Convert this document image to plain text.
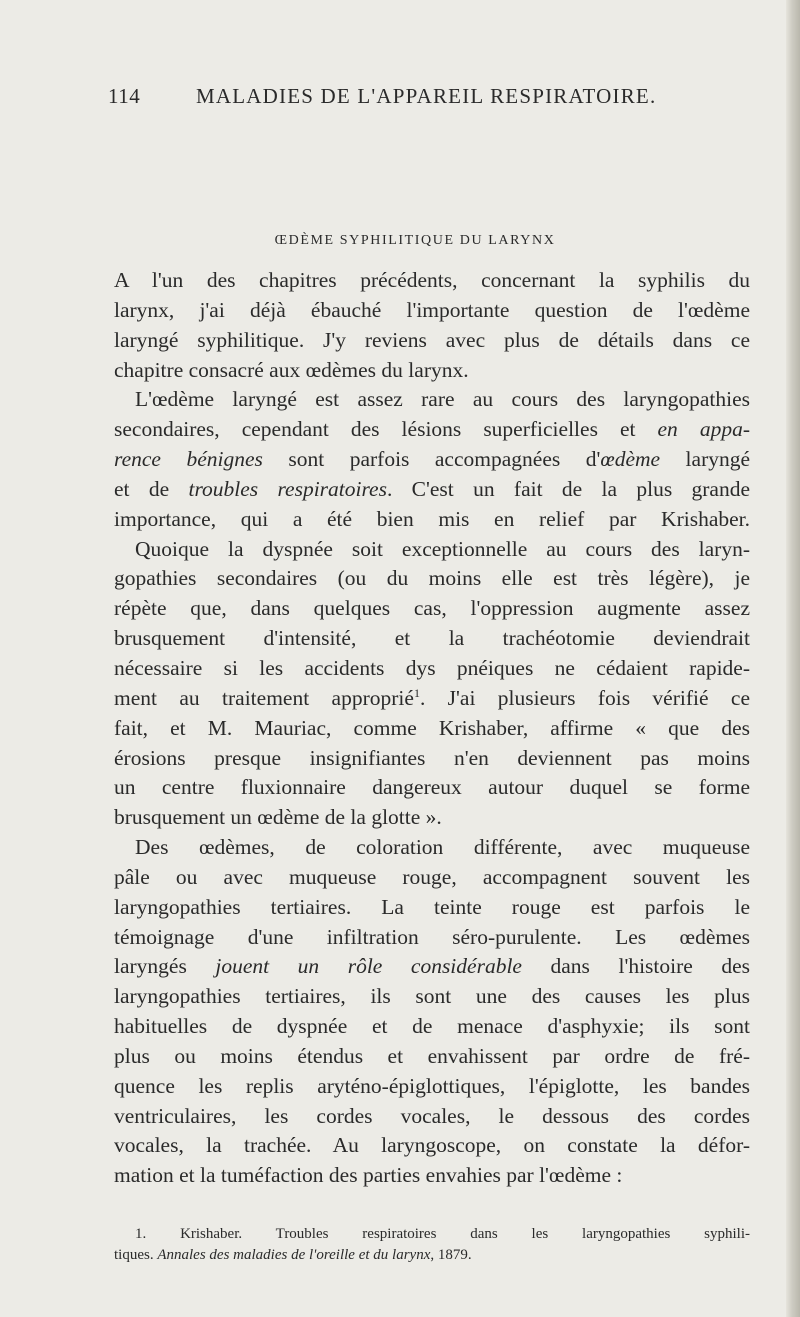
114	MALADIES DE L'APPAREIL RESPIRATOIRE.
ŒDÈME SYPHILITIQUE DU LARYNX
A l'un des chapitres précédents, concernant la syphilis du
larynx, j'ai déjà ébauché l'importante question de l'œdème
laryngé syphilitique. J'y reviens avec plus de détails dans ce
chapitre consacré aux œdèmes du larynx.
L'œdème laryngé est assez rare au cours des laryngopathies
secondaires, cependant des lésions superficielles et en appa-
rence bénignes sont parfois accompagnées d'œdème laryngé
et de troubles respiratoires. C'est un fait de la plus grande
importance, qui a été bien mis en relief par Krishaber.
Quoique la dyspnée soit exceptionnelle au cours des laryn-
gopathies secondaires (ou du moins elle est très légère), je
répète que, dans quelques cas, l'oppression augmente assez
brusquement d'intensité, et la trachéotomie deviendrait
nécessaire si les accidents dys pnéiques ne cédaient rapide-
ment au traitement approprié$^1$. J'ai plusieurs fois vérifié ce
fait, et M. Mauriac, comme Krishaber, affirme « que des
érosions presque insignifiantes n'en deviennent pas moins
un centre fluxionnaire dangereux autour duquel se forme
brusquement un œdème de la glotte ».
Des œdèmes, de coloration différente, avec muqueuse
pâle ou avec muqueuse rouge, accompagnent souvent les
laryngopathies tertiaires. La teinte rouge est parfois le
témoignage d'une infiltration séro-purulente. Les œdèmes
laryngés jouent un rôle considérable dans l'histoire des
laryngopathies tertiaires, ils sont une des causes les plus
habituelles de dyspnée et de menace d'asphyxie; ils sont
plus ou moins étendus et envahissent par ordre de fré-
quence les replis aryténo-épiglottiques, l'épiglotte, les bandes
ventriculaires, les cordes vocales, le dessous des cordes
vocales, la trachée. Au laryngoscope, on constate la défor-
mation et la tuméfaction des parties envahies par l'œdème :
1. Krishaber. Troubles respiratoires dans les laryngopathies syphili-
tiques. Annales des maladies de l'oreille et du larynx, 1879.
